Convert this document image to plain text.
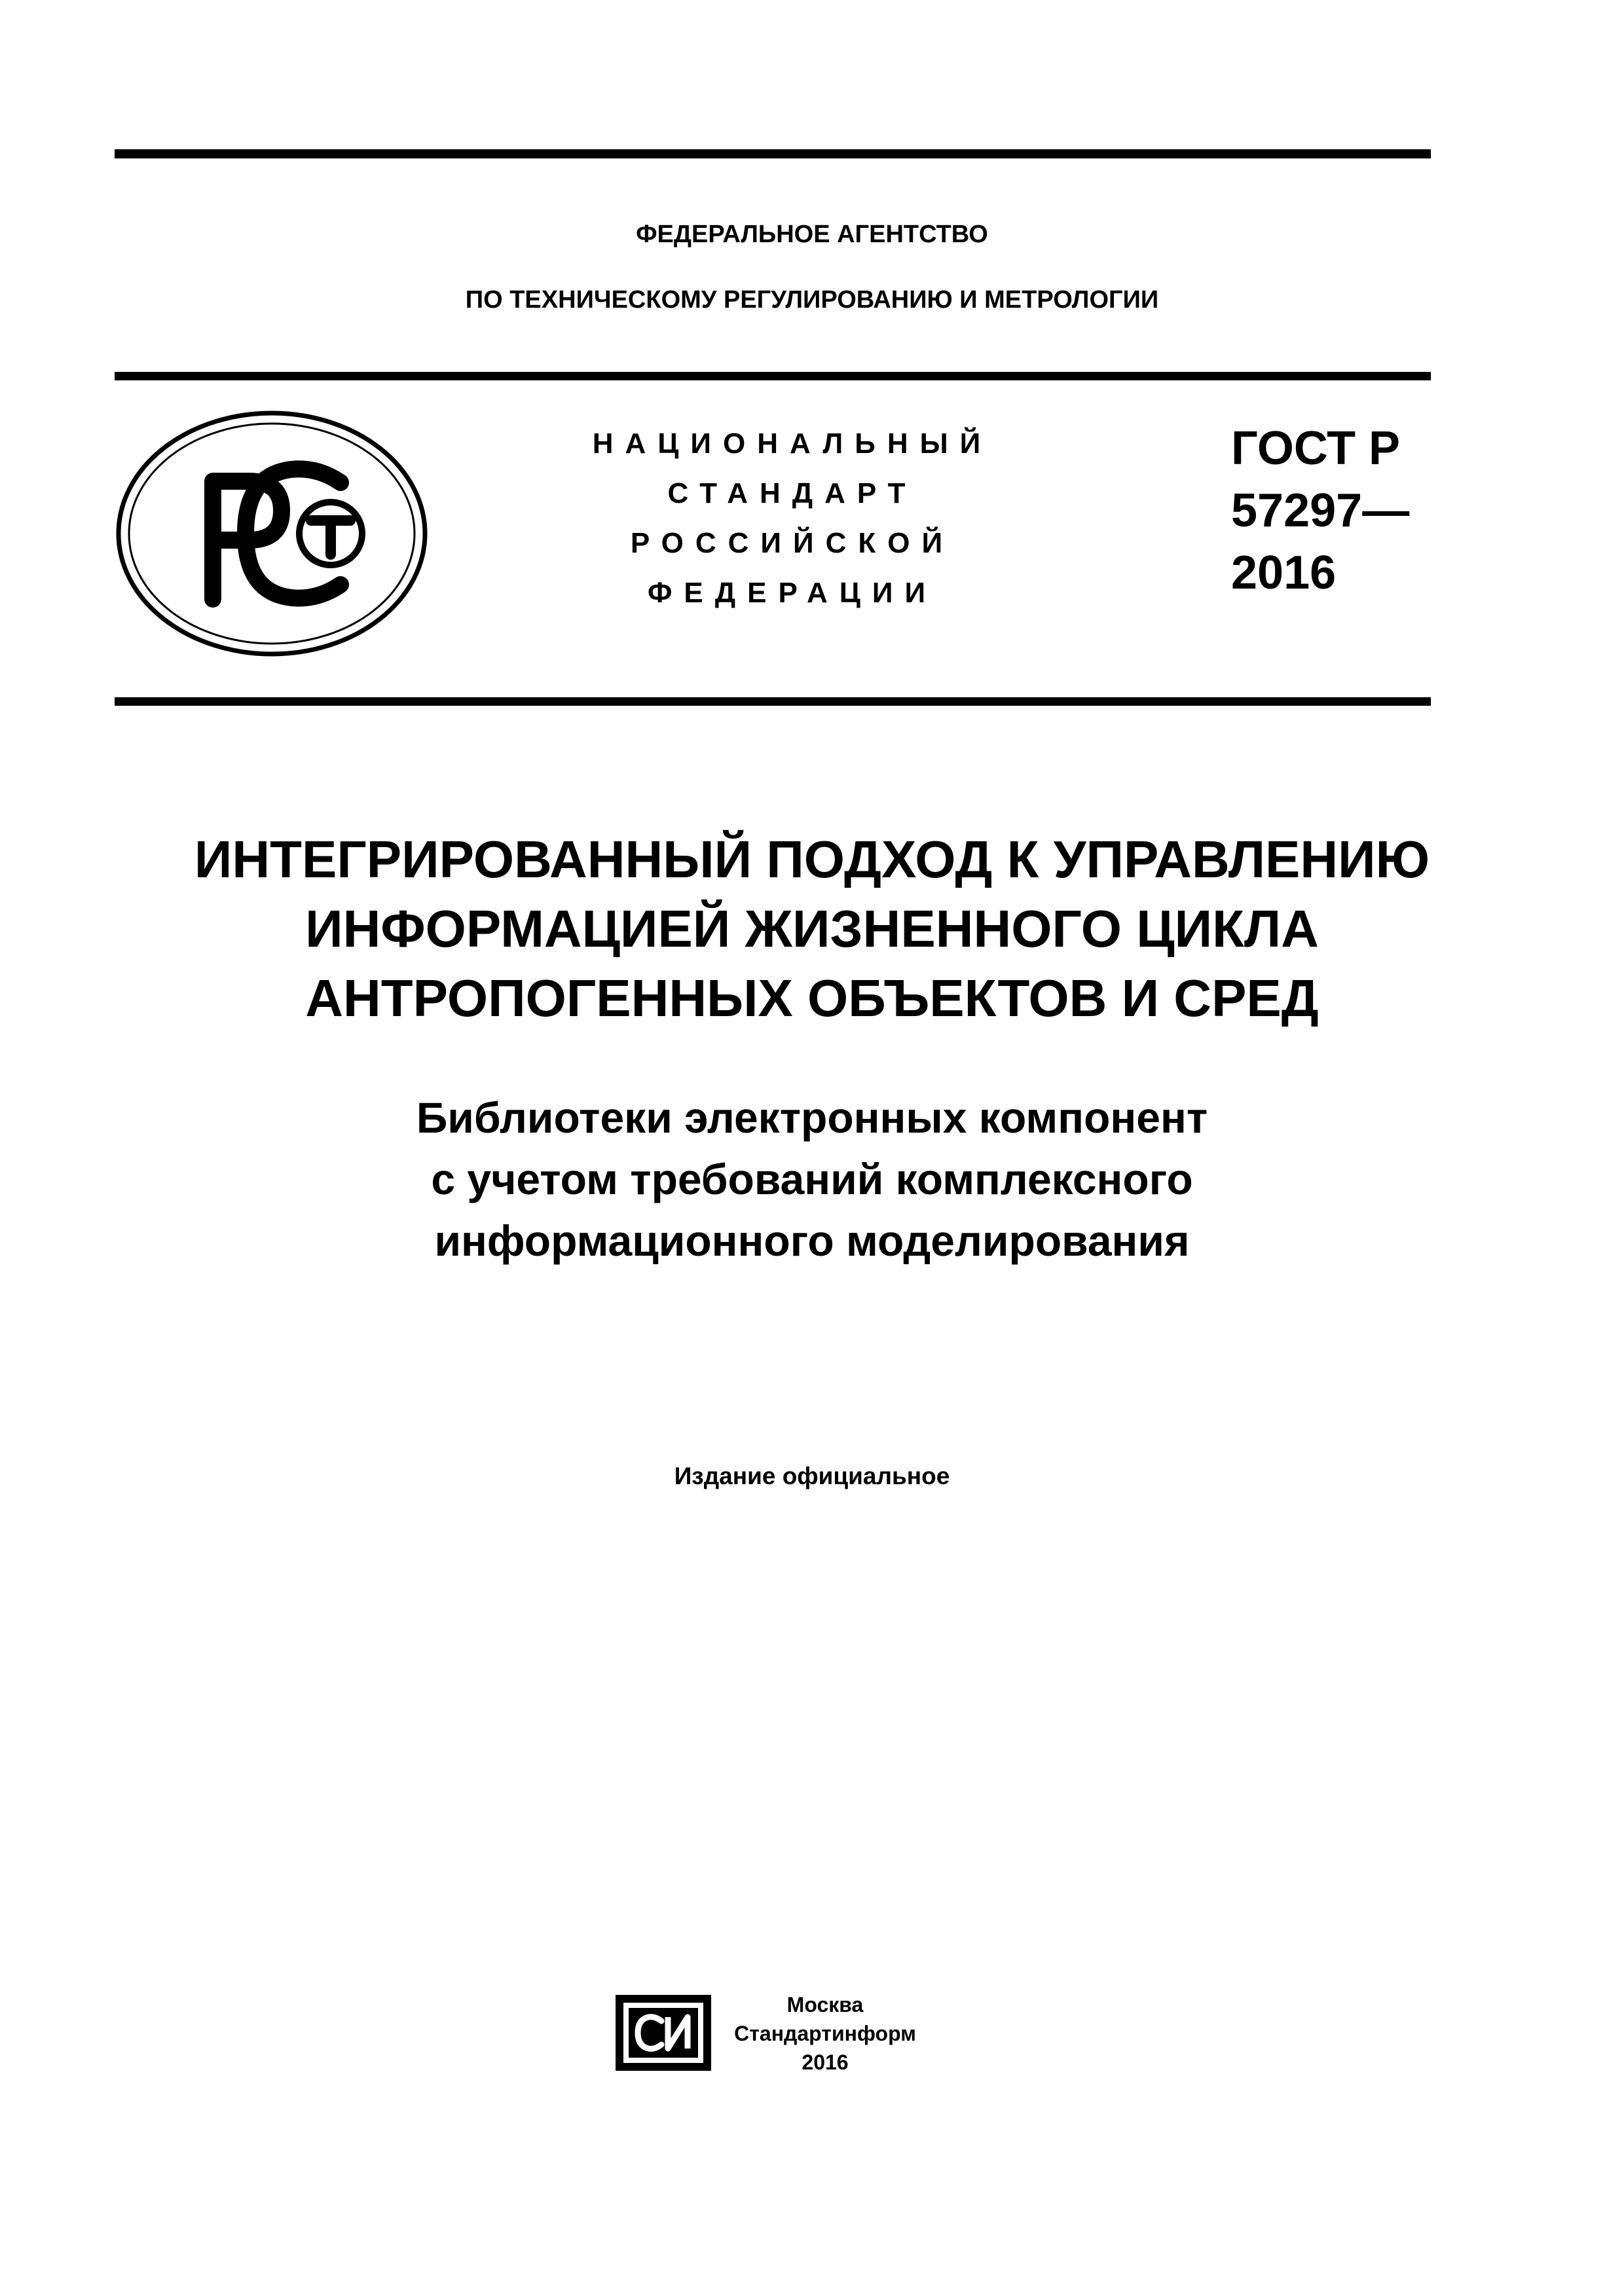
ФЕДЕРАЛЬНОЕ АГЕНТСТВО
ПО ТЕХНИЧЕСКОМУ РЕГУЛИРОВАНИЮ И МЕТРОЛОГИИ
НАЦИОНАЛЬНЫЙ
СТАНДАРТ
РОССИЙСКОЙ
ФЕДЕРАЦИИ
ГОСТ Р
57297—
2016
ИНТЕГРИРОВАННЫЙ ПОДХОД К УПРАВЛЕНИЮ
ИНФОРМАЦИЕЙ ЖИЗНЕННОГО ЦИКЛА
АНТРОПОГЕННЫХ ОБЪЕКТОВ И СРЕД
Библиотеки электронных компонент
с учетом требований комплексного
информационного моделирования
Издание официальное
Москва
Стандартинформ
2016
